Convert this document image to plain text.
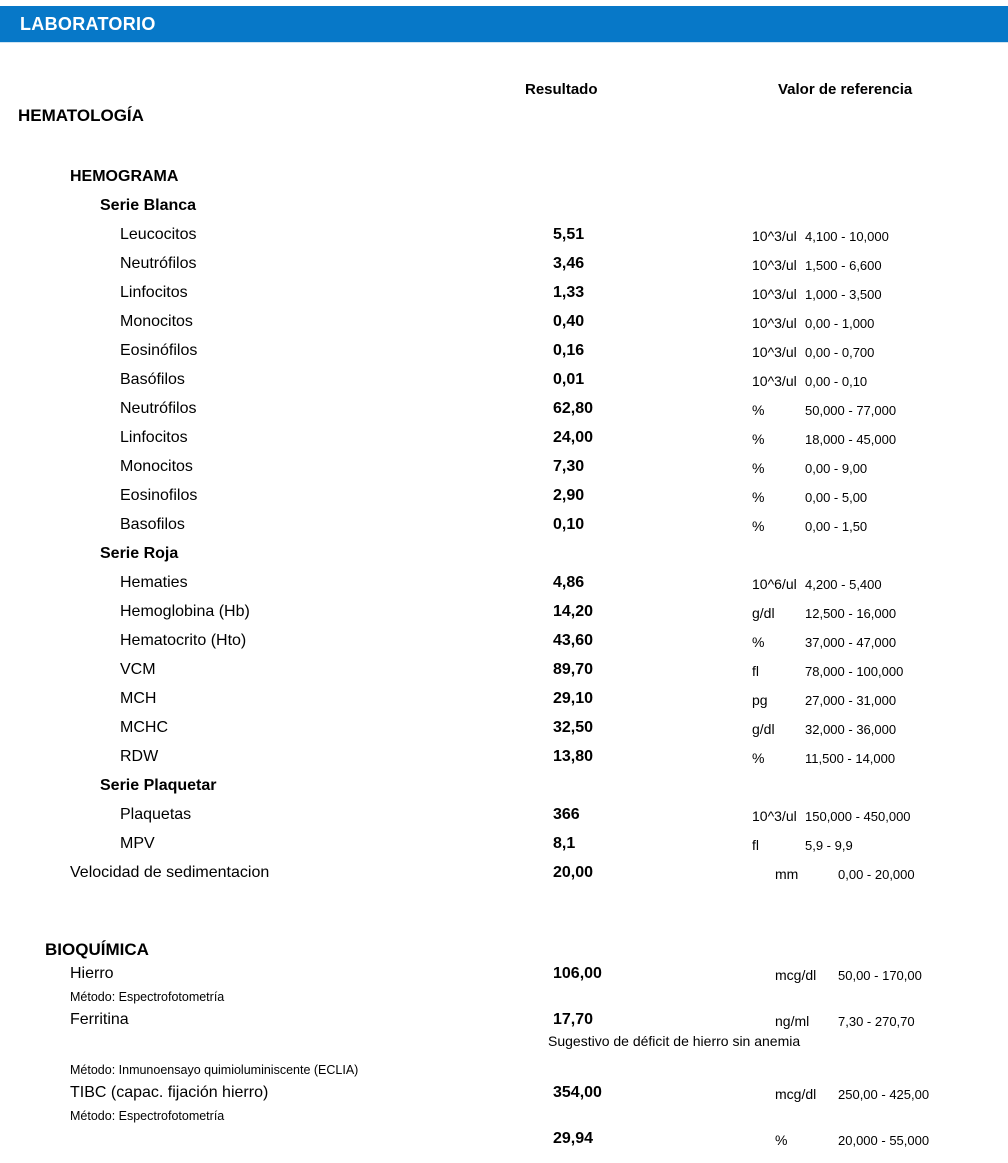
LABORATORIO
Resultado	Valor de referencia
HEMATOLOGÍA
HEMOGRAMA
Serie Blanca
Leucocitos	5,51	10^3/ul 4,100 - 10,000
Neutrófilos	3,46	10^3/ul 1,500 - 6,600
Linfocitos	1,33	10^3/ul 1,000 - 3,500
Monocitos	0,40	10^3/ul 0,00 - 1,000
Eosinófilos	0,16	10^3/ul 0,00 - 0,700
Basófilos	0,01	10^3/ul 0,00 - 0,10
Neutrófilos	62,80	%	50,000 - 77,000
Linfocitos	24,00	%	18,000 - 45,000
Monocitos	7,30	%	0,00 - 9,00
Eosinofilos	2,90	%	0,00 - 5,00
Basofilos	0,10	%	0,00 - 1,50
Serie Roja
Hematies	4,86	10^6/ul 4,200 - 5,400
Hemoglobina (Hb)	14,20	g/dl 12,500 - 16,000
Hematocrito (Hto)	43,60	%	37,000 - 47,000
VCM	89,70	fl	78,000 - 100,000
MCH	29,10	pg	27,000 - 31,000
MCHC	32,50	g/dl 32,000 - 36,000
RDW	13,80	%	11,500 - 14,000
Serie Plaquetar
Plaquetas	366	10^3/ul 150,000 - 450,000
MPV	8,1	fl	5,9 - 9,9
Velocidad de sedimentacion	20,00	mm	0,00 - 20,000
BIOQUÍMICA
Hierro	106,00	mcg/dl 50,00 - 170,00
Método: Espectrofotometría
Ferritina	17,70	ng/ml 7,30 - 270,70
Sugestivo de déficit de hierro sin anemia
Método: Inmunoensayo quimioluminiscente (ECLIA)
TIBC (capac. fijación hierro)	354,00	mcg/dl 250,00 - 425,00
Método: Espectrofotometría
29,94	%	20,000 - 55,000
